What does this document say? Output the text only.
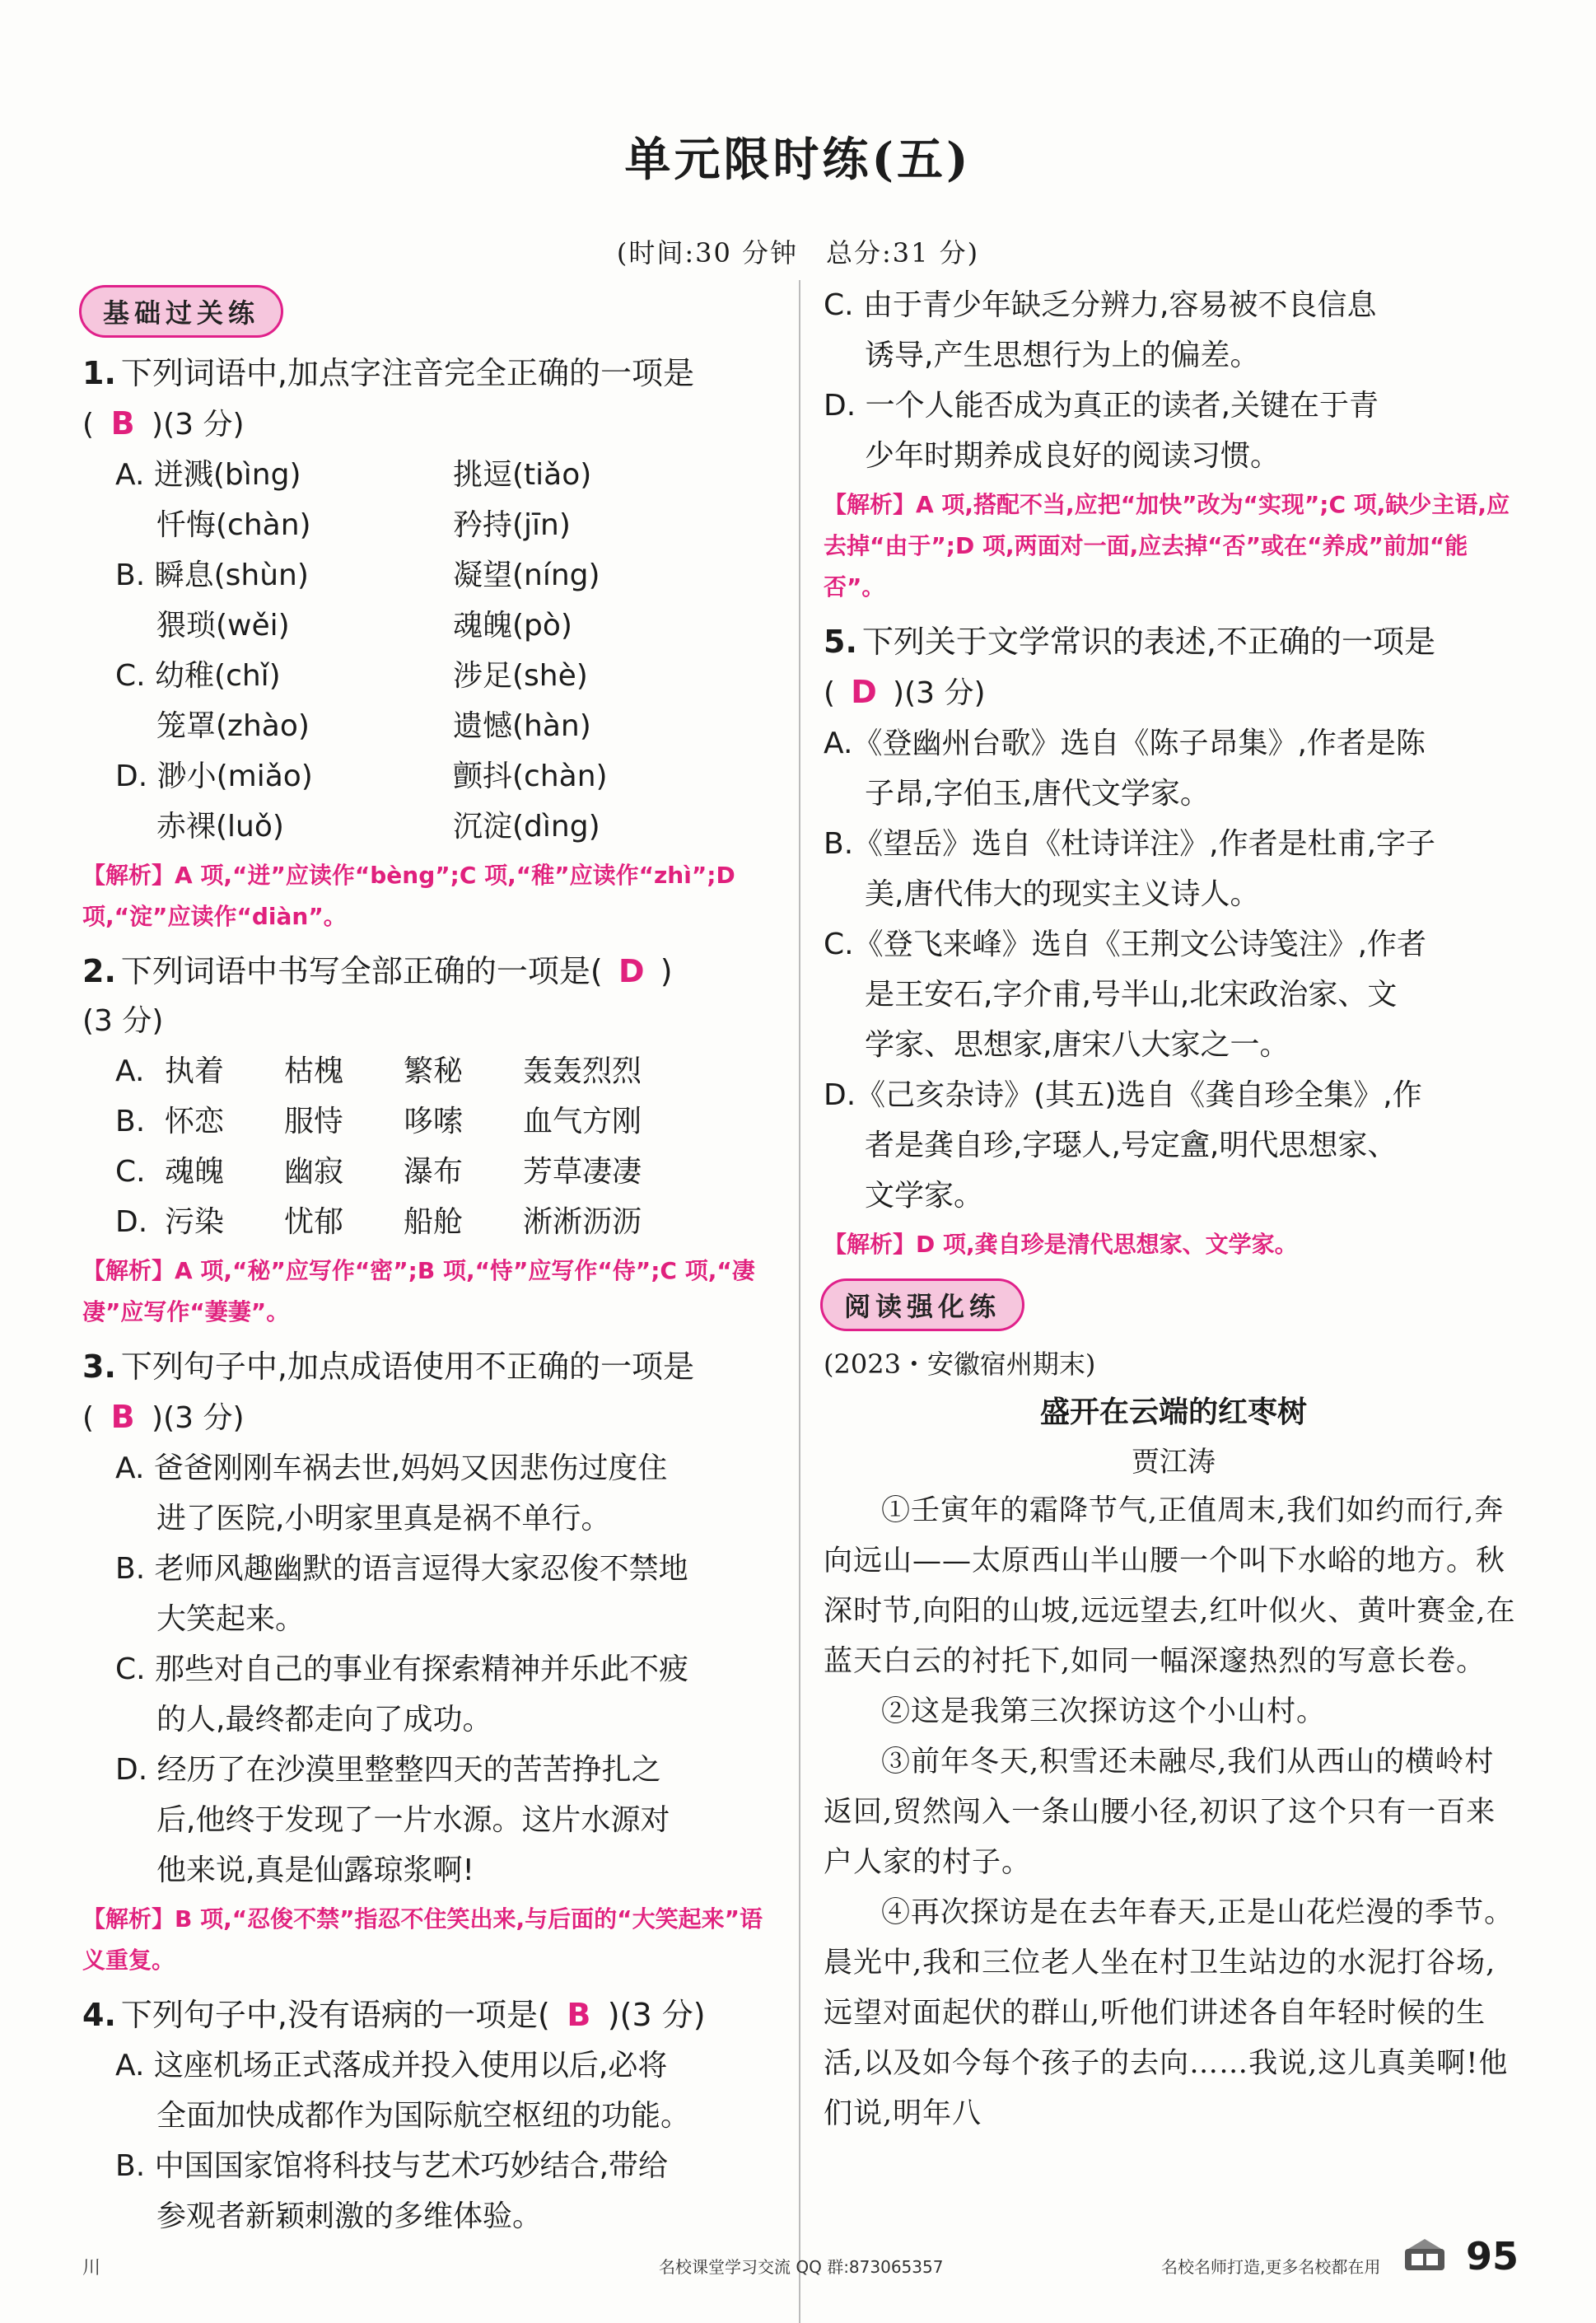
单元限时练(五)
(时间:30 分钟　总分:31 分)
基础过关练
1. 下列词语中,加点字注音完全正确的一项是
( B )(3 分)
A. 迸溅(bìng)	挑逗(tiǎo)
忏悔(chàn)	矜持(jīn)
B. 瞬息(shùn)	凝望(níng)
猥琐(wěi)	魂魄(pò)
C. 幼稚(chǐ)	涉足(shè)
笼罩(zhào)	遗憾(hàn)
D. 渺小(miǎo)	颤抖(chàn)
赤裸(luǒ)	沉淀(dìng)
【解析】A 项,“迸”应读作“bèng”;C 项,“稚”应读作“zhì”;D 项,“淀”应读作“diàn”。
2. 下列词语中书写全部正确的一项是( D )
(3 分)
A. 执着	枯槐	繁秘	轰轰烈烈
B. 怀恋	服恃	哆嗦	血气方刚
C. 魂魄	幽寂	瀑布	芳草凄凄
D. 污染	忧郁	船舱	淅淅沥沥
【解析】A 项,“秘”应写作“密”;B 项,“恃”应写作“侍”;C 项,“凄凄”应写作“萋萋”。
3. 下列句子中,加点成语使用不正确的一项是
( B )(3 分)
A. 爸爸刚刚车祸去世,妈妈又因悲伤过度住
进了医院,小明家里真是祸不单行。
B. 老师风趣幽默的语言逗得大家忍俊不禁地
大笑起来。
C. 那些对自己的事业有探索精神并乐此不疲
的人,最终都走向了成功。
D. 经历了在沙漠里整整四天的苦苦挣扎之
后,他终于发现了一片水源。这片水源对
他来说,真是仙露琼浆啊!
【解析】B 项,“忍俊不禁”指忍不住笑出来,与后面的“大笑起来”语义重复。
4. 下列句子中,没有语病的一项是( B )(3 分)
A. 这座机场正式落成并投入使用以后,必将
全面加快成都作为国际航空枢纽的功能。
B. 中国国家馆将科技与艺术巧妙结合,带给
参观者新颖刺激的多维体验。
C. 由于青少年缺乏分辨力,容易被不良信息
诱导,产生思想行为上的偏差。
D. 一个人能否成为真正的读者,关键在于青
少年时期养成良好的阅读习惯。
【解析】A 项,搭配不当,应把“加快”改为“实现”;C 项,缺少主语,应去掉“由于”;D 项,两面对一面,应去掉“否”或在“养成”前加“能否”。
5. 下列关于文学常识的表述,不正确的一项是
( D )(3 分)
A.《登幽州台歌》选自《陈子昂集》,作者是陈
子昂,字伯玉,唐代文学家。
B.《望岳》选自《杜诗详注》,作者是杜甫,字子
美,唐代伟大的现实主义诗人。
C.《登飞来峰》选自《王荆文公诗笺注》,作者
是王安石,字介甫,号半山,北宋政治家、文
学家、思想家,唐宋八大家之一。
D.《己亥杂诗》(其五)选自《龚自珍全集》,作
者是龚自珍,字璱人,号定盦,明代思想家、
文学家。
【解析】D 项,龚自珍是清代思想家、文学家。
阅读强化练
(2023・安徽宿州期末)
盛开在云端的红枣树
贾江涛

①壬寅年的霜降节气,正值周末,我们如约而行,奔向远山——太原西山半山腰一个叫下水峪的地方。秋深时节,向阳的山坡,远远望去,红叶似火、黄叶赛金,在蓝天白云的衬托下,如同一幅深邃热烈的写意长卷。

②这是我第三次探访这个小山村。

③前年冬天,积雪还未融尽,我们从西山的横岭村返回,贸然闯入一条山腰小径,初识了这个只有一百来户人家的村子。

④再次探访是在去年春天,正是山花烂漫的季节。晨光中,我和三位老人坐在村卫生站边的水泥打谷场,远望对面起伏的群山,听他们讲述各自年轻时候的生活,以及如今每个孩子的去向……我说,这儿真美啊!他们说,明年八

川	名校课堂学习交流 QQ 群:873065357	名校名师打造,更多名校都在用 95
